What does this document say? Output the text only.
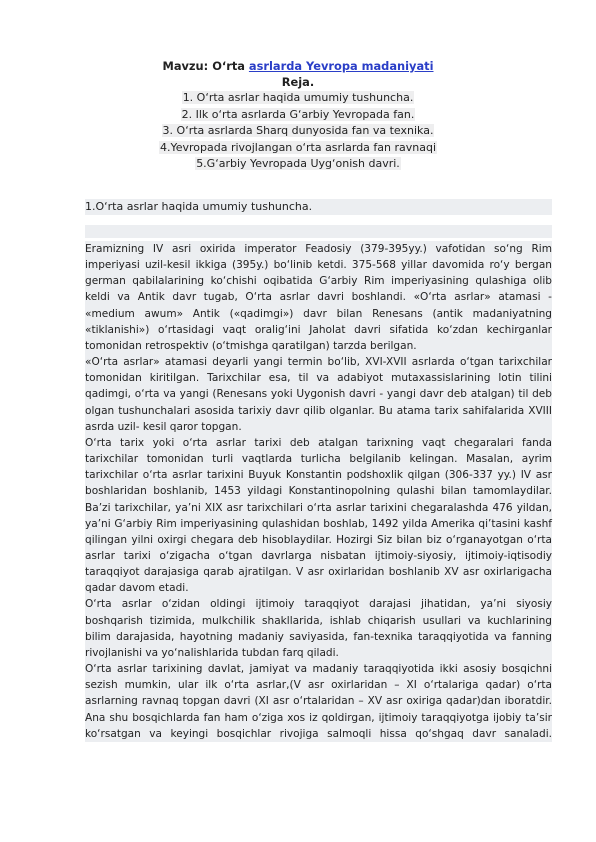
Mavzu: O‘rta asrlarda Yevropa madaniyati
Reja.
1. O‘rta asrlar haqida umumiy tushuncha.
2. Ilk o‘rta asrlarda G‘arbiy Yevropada fan.
3. O‘rta asrlarda Sharq dunyosida fan va texnika.
4.Yevropada rivojlangan o‘rta asrlarda fan ravnaqi
5.G‘arbiy Yevropada Uyg‘onish davri.
1.O‘rta asrlar haqida umumiy tushuncha.

Eramizning IV asri oxirida imperator Feadosiy (379-395yy.) vafotidan so‘ng Rim imperiyasi uzil-kesil ikkiga (395y.) bo‘linib ketdi. 375-568 yillar davomida ro‘y bergan german qabilalarining ko‘chishi oqibatida G‘arbiy Rim imperiyasining qulashiga olib keldi va Antik davr tugab, O‘rta asrlar davri boshlandi. «O‘rta asrlar» atamasi - «medium awum» Antik («qadimgi») davr bilan Renesans (antik madaniyatning «tiklanishi») o‘rtasidagi vaqt oralig‘ini Jaholat davri sifatida ko‘zdan kechirganlar tomonidan retrospektiv (o‘tmishga qaratilgan) tarzda berilgan.

«O‘rta asrlar» atamasi deyarli yangi termin bo‘lib, XVI-XVII asrlarda o‘tgan tarixchilar tomonidan kiritilgan. Tarixchilar esa, til va adabiyot mutaxassislarining lotin tilini qadimgi, o‘rta va yangi (Renesans yoki Uygonish davri - yangi davr deb atalgan) til deb olgan tushunchalari asosida tarixiy davr qilib olganlar. Bu atama tarix sahifalarida XVIII asrda uzil- kesil qaror topgan.

O‘rta tarix yoki o‘rta asrlar tarixi deb atalgan tarixning vaqt chegaralari fanda tarixchilar tomonidan turli vaqtlarda turlicha belgilanib kelingan. Masalan, ayrim tarixchilar o‘rta asrlar tarixini Buyuk Konstantin podshoxlik qilgan (306-337 yy.) IV asr boshlaridan boshlanib, 1453 yildagi Konstantinopolning qulashi bilan tamomlaydilar. Ba’zi tarixchilar, ya’ni XIX asr tarixchilari o‘rta asrlar tarixini chegaralashda 476 yildan, ya’ni G‘arbiy Rim imperiyasining qulashidan boshlab, 1492 yilda Amerika qi’tasini kashf qilingan yilni oxirgi chegara deb hisoblaydilar. Hozirgi Siz bilan biz o‘rganayotgan o‘rta asrlar tarixi o‘zigacha o‘tgan davrlarga nisbatan ijtimoiy-siyosiy, ijtimoiy-iqtisodiy taraqqiyot darajasiga qarab ajratilgan. V asr oxirlaridan boshlanib XV asr oxirlarigacha qadar davom etadi.

O‘rta asrlar o‘zidan oldingi ijtimoiy taraqqiyot darajasi jihatidan, ya’ni siyosiy boshqarish tizimida, mulkchilik shakllarida, ishlab chiqarish usullari va kuchlarining bilim darajasida, hayotning madaniy saviyasida, fan-texnika taraqqiyotida va fanning rivojlanishi va yo‘nalishlarida tubdan farq qiladi.

O‘rta asrlar tarixining davlat, jamiyat va madaniy taraqqiyotida ikki asosiy bosqichni sezish mumkin, ular ilk o‘rta asrlar,(V asr oxirlaridan – XI o‘rtalariga qadar) o‘rta asrlarning ravnaq topgan davri (XI asr o‘rtalaridan – XV asr oxiriga qadar)dan iboratdir. Ana shu bosqichlarda fan ham o‘ziga xos iz qoldirgan, ijtimoiy taraqqiyotga ijobiy ta’sir ko‘rsatgan va keyingi bosqichlar rivojiga salmoqli hissa qo‘shgaq davr sanaladi.
